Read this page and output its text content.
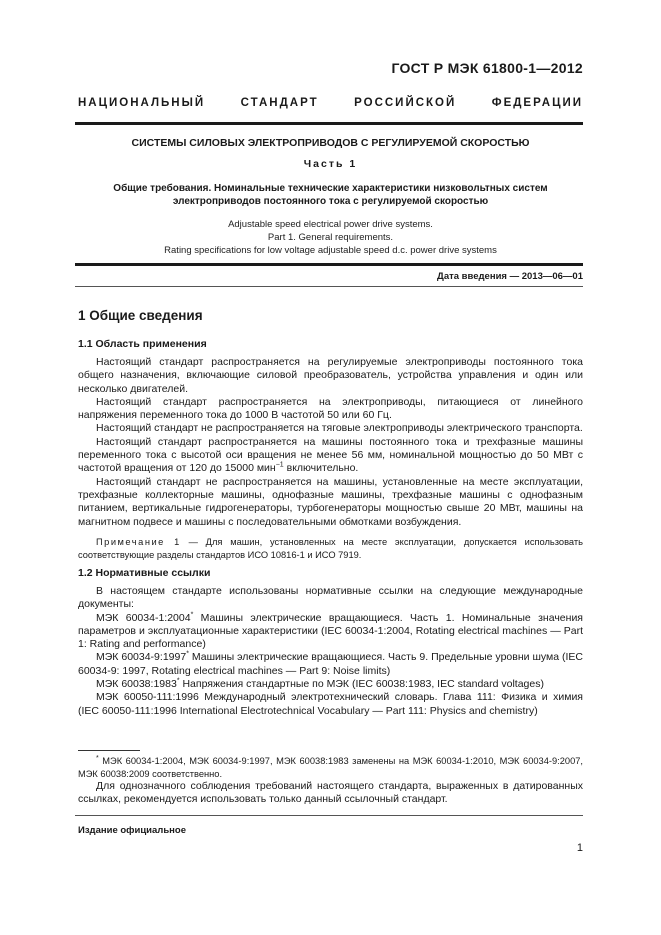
ГОСТ Р МЭК 61800-1—2012
НАЦИОНАЛЬНЫЙ СТАНДАРТ РОССИЙСКОЙ ФЕДЕРАЦИИ
СИСТЕМЫ СИЛОВЫХ ЭЛЕКТРОПРИВОДОВ С РЕГУЛИРУЕМОЙ СКОРОСТЬЮ
Часть 1
Общие требования. Номинальные технические характеристики низковольтных систем
электроприводов постоянного тока с регулируемой скоростью
Adjustable speed electrical power drive systems.
Part 1. General requirements.
Rating specifications for low voltage adjustable speed d.c. power drive systems
Дата введения — 2013—06—01
1 Общие сведения
1.1 Область применения
Настоящий стандарт распространяется на регулируемые электроприводы постоянного тока общего назначения, включающие силовой преобразователь, устройства управления и один или несколько двигателей.
Настоящий стандарт распространяется на электроприводы, питающиеся от линейного напряжения переменного тока до 1000 В частотой 50 или 60 Гц.
Настоящий стандарт не распространяется на тяговые электроприводы электрического транспорта.
Настоящий стандарт распространяется на машины постоянного тока и трехфазные машины переменного тока с высотой оси вращения не менее 56 мм, номинальной мощностью до 50 МВт с частотой вращения от 120 до 15000 мин$^{-1}$ включительно.
Настоящий стандарт не распространяется на машины, установленные на месте эксплуатации, трехфазные коллекторные машины, однофазные машины, трехфазные машины с однофазным питанием, вертикальные гидрогенераторы, турбогенераторы мощностью свыше 20 МВт, машины на магнитном подвесе и машины с последовательными обмотками возбуждения.
Примечание 1 — Для машин, установленных на месте эксплуатации, допускается использовать соответствующие разделы стандартов ИСО 10816-1 и ИСО 7919.
1.2 Нормативные ссылки
В настоящем стандарте использованы нормативные ссылки на следующие международные документы:
МЭК 60034-1:2004* Машины электрические вращающиеся. Часть 1. Номинальные значения параметров и эксплуатационные характеристики (IEC 60034-1:2004, Rotating electrical machines — Part 1: Rating and performance)
МЭК 60034-9:1997* Машины электрические вращающиеся. Часть 9. Предельные уровни шума (IEC 60034-9: 1997, Rotating electrical machines — Part 9: Noise limits)
МЭК 60038:1983* Напряжения стандартные по МЭК (IEC 60038:1983, IEC standard voltages)
МЭК 60050-111:1996 Международный электротехнический словарь. Глава 111: Физика и химия (IEC 60050-111:1996 International Electrotechnical Vocabulary — Part 111: Physics and chemistry)
* МЭК 60034-1:2004, МЭК 60034-9:1997, МЭК 60038:1983 заменены на МЭК 60034-1:2010, МЭК 60034-9:2007, МЭК 60038:2009 соответственно.
Для однозначного соблюдения требований настоящего стандарта, выраженных в датированных ссылках, рекомендуется использовать только данный ссылочный стандарт.
Издание официальное
1
